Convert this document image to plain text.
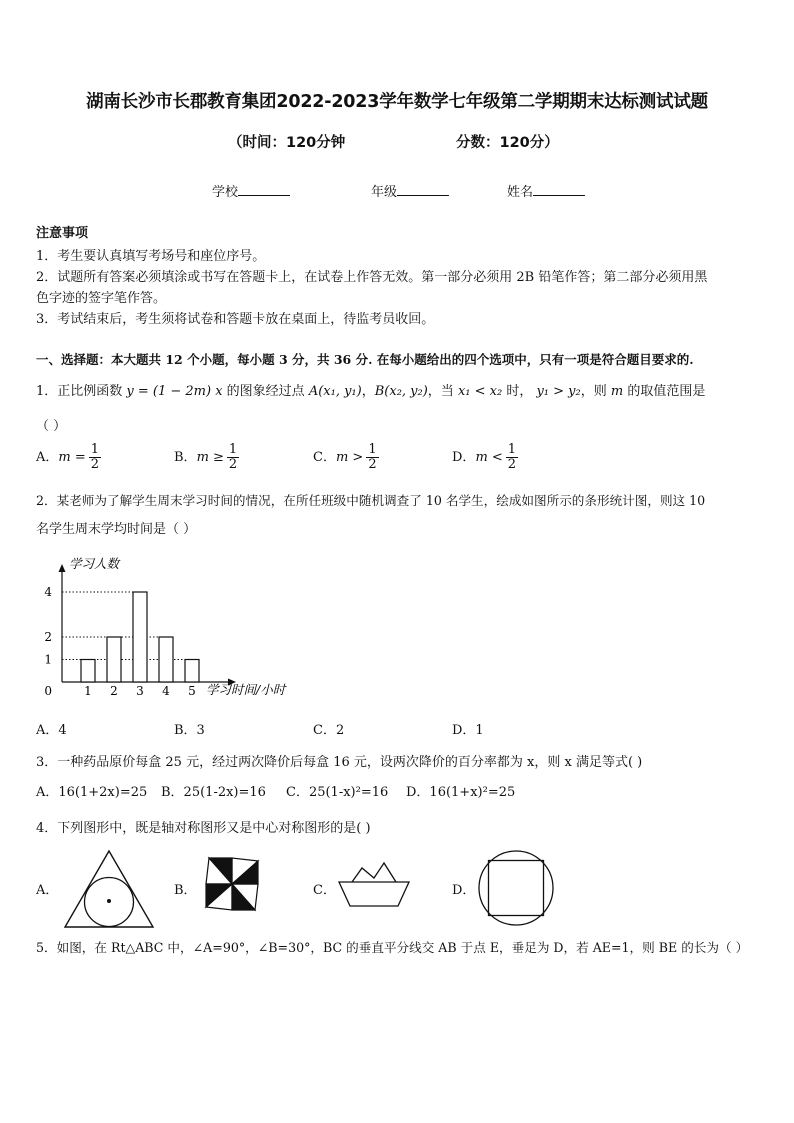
湖南长沙市长郡教育集团2022-2023学年数学七年级第二学期期末达标测试试题
（时间：120分钟	分数：120分）
学校	年级	姓名
注意事项
1．考生要认真填写考场号和座位序号。
2．试题所有答案必须填涂或书写在答题卡上，在试卷上作答无效。第一部分必须用 2B 铅笔作答；第二部分必须用黑
色字迹的签字笔作答。
3．考试结束后，考生须将试卷和答题卡放在桌面上，待监考员收回。
一、选择题：本大题共 12 个小题，每小题 3 分，共 36 分. 在每小题给出的四个选项中，只有一项是符合题目要求的.
1．正比例函数 y = (1 − 2m) x 的图象经过点 A(x₁, y₁)，B(x₂, y₂)，当 x₁ < x₂ 时， y₁ > y₂，则 m 的取值范围是
（ ）
A．$m = \frac{1}{2}$	B．$m \ge \frac{1}{2}$	C．$m > \frac{1}{2}$	D．$m < \frac{1}{2}$
2．某老师为了解学生周末学习时间的情况，在所任班级中随机调查了 10 名学生，绘成如图所示的条形统计图，则这 10
名学生周末学均时间是（ ）
1
2
4
0	1 2 3 4 5
学习人数
学习时间/小时
A．4	B．3	C．2	D．1
3．一种药品原价每盒 25 元，经过两次降价后每盒 16 元，设两次降价的百分率都为 x，则 x 满足等式( )
A．16(1+2x)=25 B．25(1-2x)=16 C．25(1-x)²=16 D．16(1+x)²=25
4．下列图形中，既是轴对称图形又是中心对称图形的是( )
A．	B．	C．	D．
5．如图，在 Rt△ABC 中，∠A=90°，∠B=30°，BC 的垂直平分线交 AB 于点 E，垂足为 D，若 AE=1，则 BE 的长为（ ）
